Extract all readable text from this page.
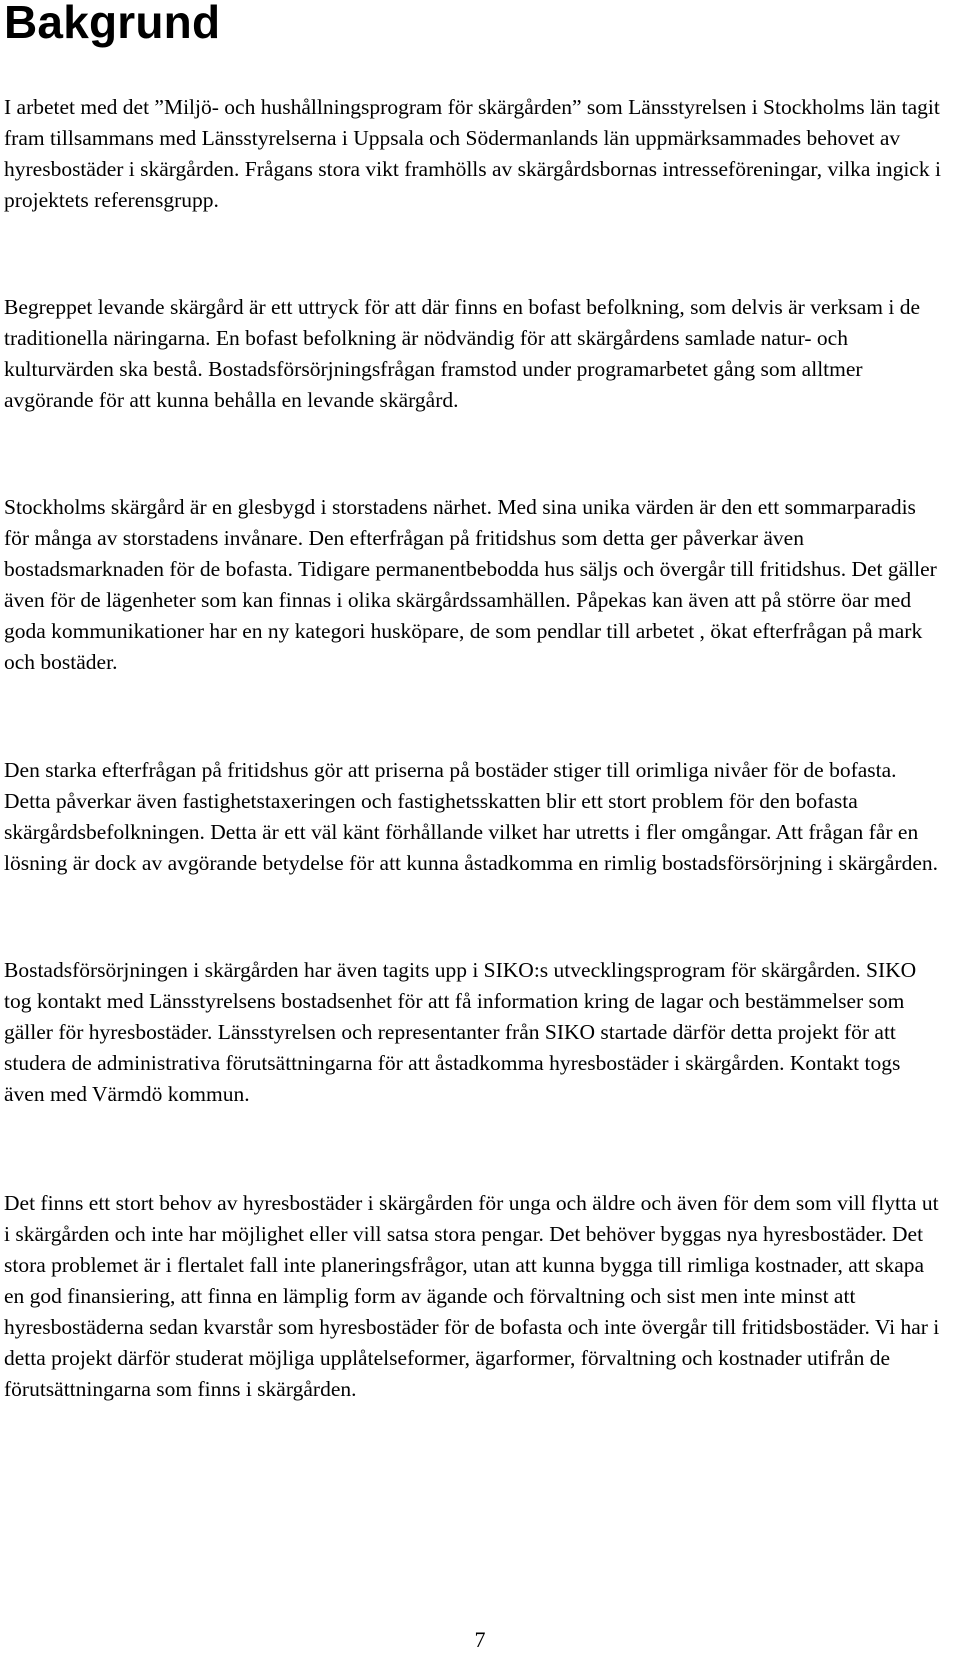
Bakgrund

I arbetet med det ”Miljö- och hushållningsprogram för skärgården” som Länsstyrelsen i Stockholms län tagit fram tillsammans med Länsstyrelserna i Uppsala och Södermanlands län uppmärksammades behovet av hyresbostäder i skärgården. Frågans stora vikt framhölls av skärgårdsbornas intresseföreningar, vilka ingick i projektets referensgrupp.

Begreppet levande skärgård är ett uttryck för att där finns en bofast befolkning, som delvis är verksam i de traditionella näringarna. En bofast befolkning är nödvändig för att skärgårdens samlade natur- och kulturvärden ska bestå. Bostadsförsörjningsfrågan framstod under programarbetet gång som alltmer avgörande för att kunna behålla en levande skärgård.

Stockholms skärgård är en glesbygd i storstadens närhet. Med sina unika värden är den ett sommarparadis för många av storstadens invånare. Den efterfrågan på fritidshus som detta ger påverkar även bostadsmarknaden för de bofasta. Tidigare permanentbebodda hus säljs och övergår till fritidshus. Det gäller även för de lägenheter som kan finnas i olika skärgårdssamhällen. Påpekas kan även att på större öar med goda kommunikationer har en ny kategori husköpare, de som pendlar till arbetet , ökat efterfrågan på mark och bostäder.

Den starka efterfrågan på fritidshus gör att priserna på bostäder stiger till orimliga nivåer för de bofasta. Detta påverkar även fastighetstaxeringen och fastighetsskatten blir ett stort problem för den bofasta skärgårdsbefolkningen. Detta är ett väl känt förhållande vilket har utretts i fler omgångar. Att frågan får en lösning är dock av avgörande betydelse för att kunna åstadkomma en rimlig bostadsförsörjning i skärgården.

Bostadsförsörjningen i skärgården har även tagits upp i SIKO:s utvecklingsprogram för skärgården. SIKO tog kontakt med Länsstyrelsens bostadsenhet för att få information kring de lagar och bestämmelser som gäller för hyresbostäder. Länsstyrelsen och representanter från SIKO startade därför detta projekt för att studera de administrativa förutsättningarna för att åstadkomma hyresbostäder i skärgården. Kontakt togs även med Värmdö kommun.

Det finns ett stort behov av hyresbostäder i skärgården för unga och äldre och även för dem som vill flytta ut i skärgården och inte har möjlighet eller vill satsa stora pengar. Det behöver byggas nya hyresbostäder. Det stora problemet är i flertalet fall inte planeringsfrågor, utan att kunna bygga till rimliga kostnader, att skapa en god finansiering, att finna en lämplig form av ägande och förvaltning och sist men inte minst att hyresbostäderna sedan kvarstår som hyresbostäder för de bofasta och inte övergår till fritidsbostäder. Vi har i detta projekt därför studerat möjliga upplåtelseformer, ägarformer, förvaltning och kostnader utifrån de förutsättningarna som finns i skärgården.

7
